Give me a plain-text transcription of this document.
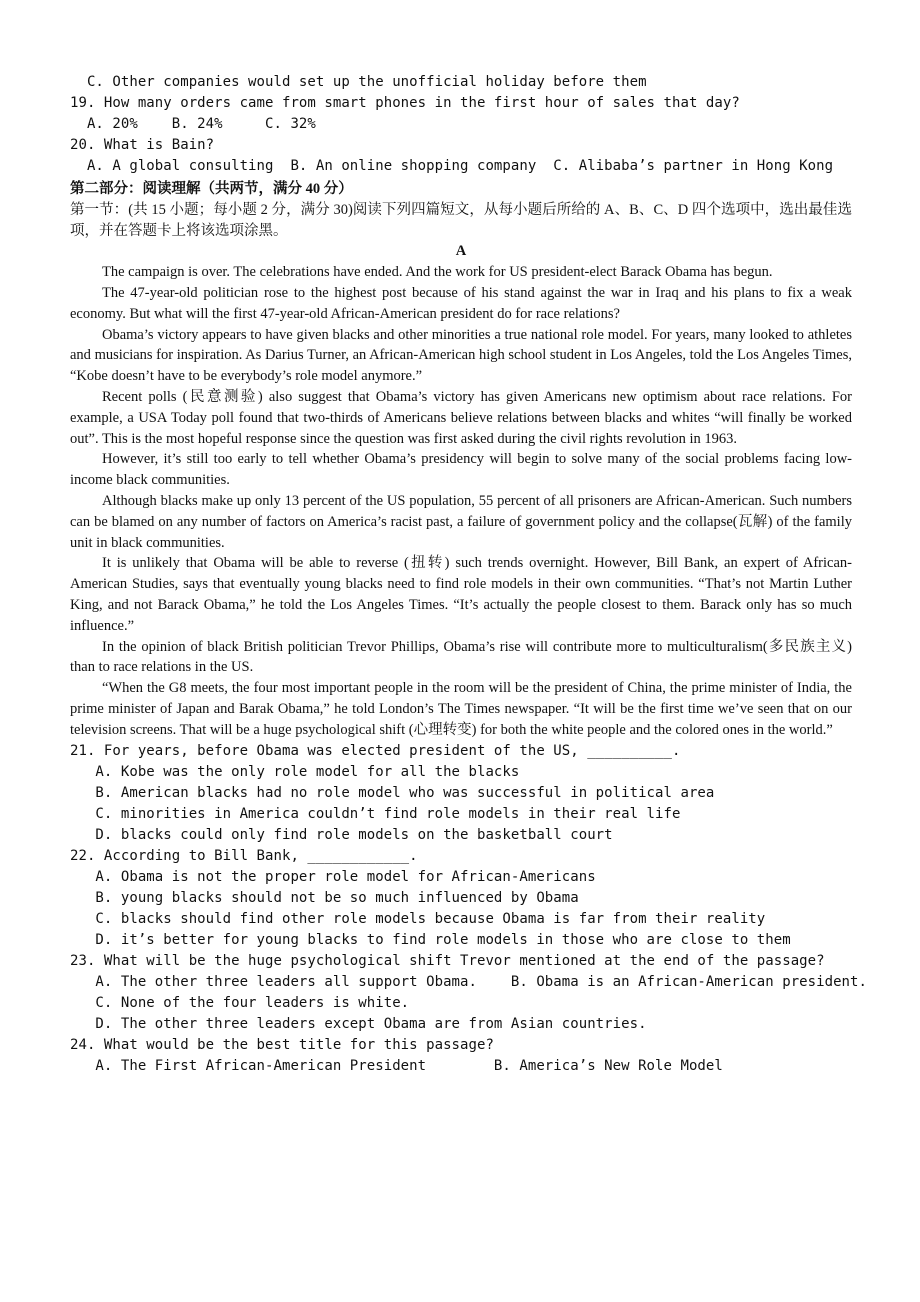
C. Other companies would set up the unofficial holiday before them
19. How many orders came from smart phones in the first hour of sales that day?
A. 20%    B. 24%     C. 32%
20. What is Bain?
A. A global consulting  B. An online shopping company  C. Alibaba’s partner in Hong Kong
第二部分：阅读理解（共两节，满分 40 分）
第一节：(共 15 小题；每小题 2 分，满分 30)阅读下列四篇短文，从每小题后所给的 A、B、C、D 四个选项中，选出最佳选项，并在答题卡上将该选项涂黑。
A
The campaign is over. The celebrations have ended. And the work for US president-elect Barack Obama has begun.
The 47-year-old politician rose to the highest post because of his stand against the war in Iraq and his plans to fix a weak economy. But what will the first 47-year-old African-American president do for race relations?
Obama’s victory appears to have given blacks and other minorities a true national role model. For years, many looked to athletes and musicians for inspiration. As Darius Turner, an African-American high school student in Los Angeles, told the Los Angeles Times, “Kobe doesn’t have to be everybody’s role model anymore.”
Recent polls (民意测验) also suggest that Obama’s victory has given Americans new optimism about race relations. For example, a USA Today poll found that two-thirds of Americans believe relations between blacks and whites “will finally be worked out”. This is the most hopeful response since the question was first asked during the civil rights revolution in 1963.
However, it’s still too early to tell whether Obama’s presidency will begin to solve many of the social problems facing low-income black communities.
Although blacks make up only 13 percent of the US population, 55 percent of all prisoners are African-American. Such numbers can be blamed on any number of factors on America’s racist past, a failure of government policy and the collapse(瓦解) of the family unit in black communities.
It is unlikely that Obama will be able to reverse (扭转) such trends overnight. However, Bill Bank, an expert of African-American Studies, says that eventually young blacks need to find role models in their own communities. “That’s not Martin Luther King, and not Barack Obama,” he told the Los Angeles Times. “It’s actually the people closest to them. Barack only has so much influence.”
In the opinion of black British politician Trevor Phillips, Obama’s rise will contribute more to multiculturalism(多民族主义) than to race relations in the US.
“When the G8 meets, the four most important people in the room will be the president of China, the prime minister of India, the prime minister of Japan and Barak Obama,” he told London’s The Times newspaper. “It will be the first time we’ve seen that on our television screens. That will be a huge psychological shift (心理转变) for both the white people and the colored ones in the world.”
21. For years, before Obama was elected president of the US, __________.
A. Kobe was the only role model for all the blacks
B. American blacks had no role model who was successful in political area
C. minorities in America couldn’t find role models in their real life
D. blacks could only find role models on the basketball court
22. According to Bill Bank, ____________.
A. Obama is not the proper role model for African-Americans
B. young blacks should not be so much influenced by Obama
C. blacks should find other role models because Obama is far from their reality
D. it’s better for young blacks to find role models in those who are close to them
23. What will be the huge psychological shift Trevor mentioned at the end of the passage?
A. The other three leaders all support Obama.    B. Obama is an African-American president.
C. None of the four leaders is white.
D. The other three leaders except Obama are from Asian countries.
24. What would be the best title for this passage?
A. The First African-American President        B. America’s New Role Model
